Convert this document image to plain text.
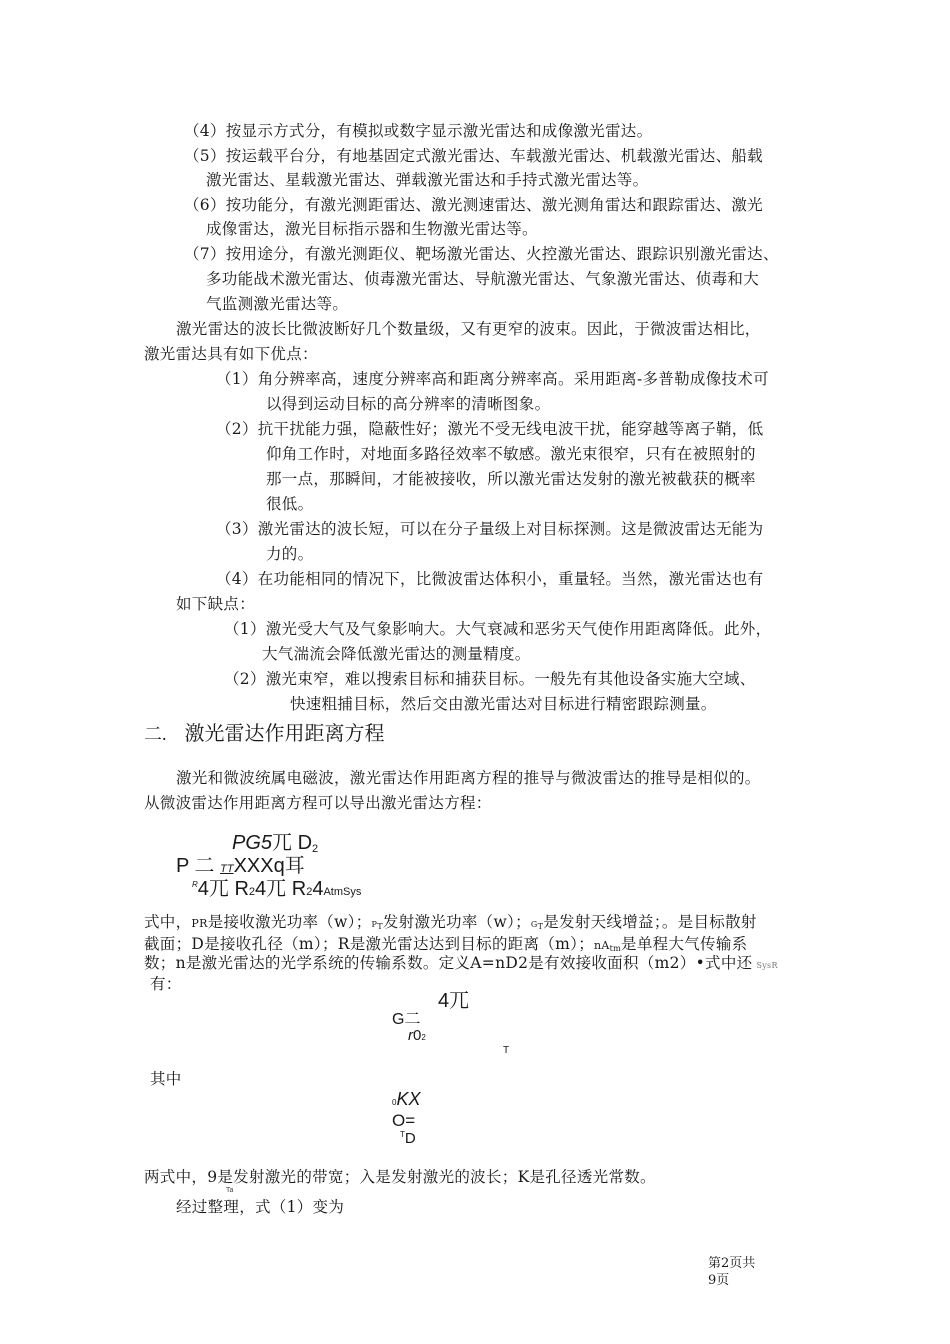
（4）按显示方式分，有模拟或数字显示激光雷达和成像激光雷达。
（5）按运载平台分，有地基固定式激光雷达、车载激光雷达、机载激光雷达、船载
激光雷达、星载激光雷达、弹载激光雷达和手持式激光雷达等。
（6）按功能分，有激光测距雷达、激光测速雷达、激光测角雷达和跟踪雷达、激光
成像雷达，激光目标指示器和生物激光雷达等。
（7）按用途分，有激光测距仪、靶场激光雷达、火控激光雷达、跟踪识别激光雷达、
多功能战术激光雷达、侦毒激光雷达、导航激光雷达、气象激光雷达、侦毒和大
气监测激光雷达等。
激光雷达的波长比微波断好几个数量级，又有更窄的波束。因此，于微波雷达相比，
激光雷达具有如下优点：
（1）角分辨率高，速度分辨率高和距离分辨率高。采用距离-多普勒成像技术可
以得到运动目标的高分辨率的清晰图象。
（2）抗干扰能力强，隐蔽性好；激光不受无线电波干扰，能穿越等离子鞘，低
仰角工作时，对地面多路径效率不敏感。激光束很窄，只有在被照射的
那一点，那瞬间，才能被接收，所以激光雷达发射的激光被截获的概率
很低。
（3）激光雷达的波长短，可以在分子量级上对目标探测。这是微波雷达无能为
力的。
（4）在功能相同的情况下，比微波雷达体积小，重量轻。当然，激光雷达也有
如下缺点：
（1）激光受大气及气象影响大。大气衰减和恶劣天气使作用距离降低。此外，
大气湍流会降低激光雷达的测量精度。
（2）激光束窄，难以搜索目标和捕获目标。一般先有其他设备实施大空域、
快速粗捕目标，然后交由激光雷达对目标进行精密跟踪测量。
二. 激光雷达作用距离方程
激光和微波统属电磁波，激光雷达作用距离方程的推导与微波雷达的推导是相似的。
从微波雷达作用距离方程可以导出激光雷达方程：
PG5兀 D2
P 二 TTXXXq耳
$^R$4兀 R24兀 R24AtmSys
式中，PR是接收激光功率（w）；PT发射激光功率（w）；GT是发射天线增益；。是目标散射
截面；D是接收孔径（m）；R是激光雷达达到目标的距离（m）；nAtm是单程大气传输系
数；n是激光雷达的光学系统的传输系数。定义A=nD2是有效接收面积（m2）•式中还 SysR
有：
4兀
G二
r02
T
其中
0KX
O=
$^T$D
两式中，9是发射激光的带宽；入是发射激光的波长；K是孔径透光常数。
Ta
经过整理，式（1）变为
第2页共
9页
